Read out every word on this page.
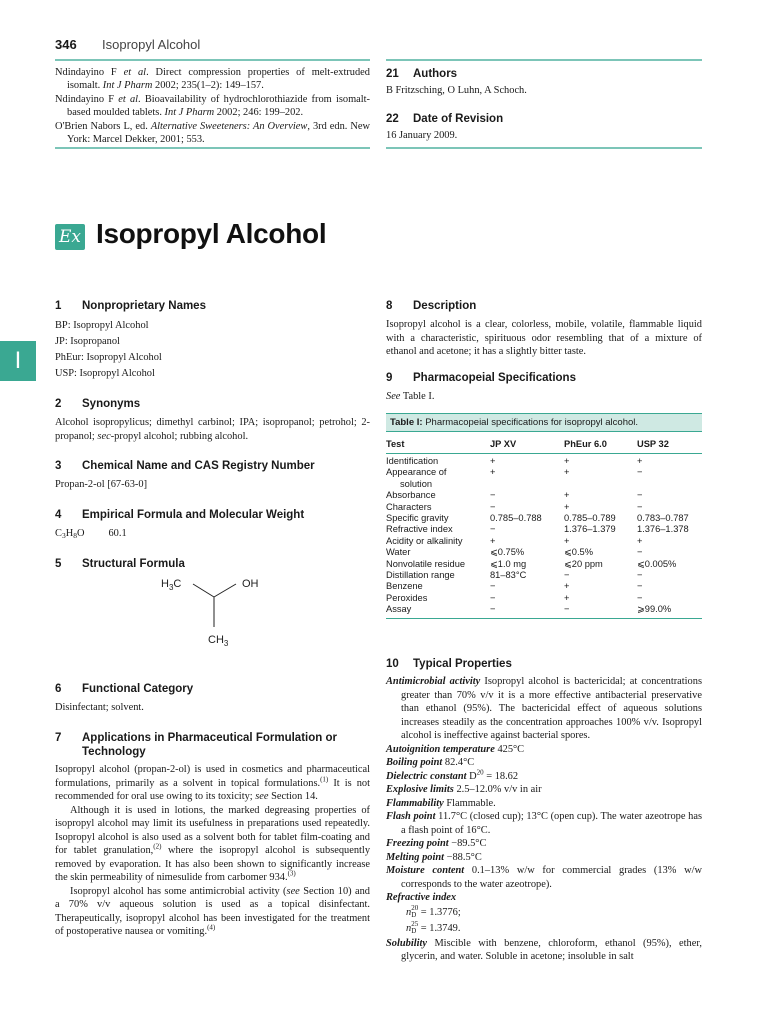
346 Isopropyl Alcohol

Ndindayino F et al. Direct compression properties of melt-extruded isomalt. Int J Pharm 2002; 235(1–2): 149–157.

Ndindayino F et al. Bioavailability of hydrochlorothiazide from isomalt-based moulded tablets. Int J Pharm 2002; 246: 199–202.

O'Brien Nabors L, ed. Alternative Sweeteners: An Overview, 3rd edn. New York: Marcel Dekker, 2001; 553.

21 Authors
B Fritzsching, O Luhn, A Schoch.
22 Date of Revision
16 January 2009.
Ex Isopropyl Alcohol
I
1 Nonproprietary Names
BP: Isopropyl Alcohol
JP: Isopropanol
PhEur: Isopropyl Alcohol
USP: Isopropyl Alcohol
2 Synonyms
Alcohol isopropylicus; dimethyl carbinol; IPA; isopropanol; petrohol; 2-propanol; sec-propyl alcohol; rubbing alcohol.
3 Chemical Name and CAS Registry Number
Propan-2-ol [67-63-0]
4 Empirical Formula and Molecular Weight
C3H8O 60.1
5 Structural Formula
$H_3C$	OH
$CH_3$
6 Functional Category
Disinfectant; solvent.
7 Applications in Pharmaceutical Formulation or
Technology
Isopropyl alcohol (propan-2-ol) is used in cosmetics and pharmaceutical formulations, primarily as a solvent in topical formulations.$^{(1)}$ It is not recommended for oral use owing to its toxicity; see Section 14.
Although it is used in lotions, the marked degreasing properties of isopropyl alcohol may limit its usefulness in preparations used repeatedly. Isopropyl alcohol is also used as a solvent both for tablet film-coating and for tablet granulation,$^{(2)}$ where the isopropyl alcohol is subsequently removed by evaporation. It has also been shown to significantly increase the skin permeability of nimesulide from carbomer 934.$^{(3)}$
Isopropyl alcohol has some antimicrobial activity (see Section 10) and a 70% v/v aqueous solution is used as a topical disinfectant. Therapeutically, isopropyl alcohol has been investigated for the treatment of postoperative nausea or vomiting.$^{(4)}$
8 Description
Isopropyl alcohol is a clear, colorless, mobile, volatile, flammable liquid with a characteristic, spirituous odor resembling that of a mixture of ethanol and acetone; it has a slightly bitter taste.
9 Pharmacopeial Specifications
See Table I.
Table I: Pharmacopeial specifications for isopropyl alcohol.
Test	JP XV	PhEur 6.0	USP 32
Identification	+	+	+
Appearance of	+	+	−
solution			
Absorbance	−	+	−
Characters	−	+	−
Specific gravity	0.785–0.788	0.785–0.789	0.783–0.787
Refractive index	−	1.376–1.379	1.376–1.378
Acidity or alkalinity	+	+	+
Water	⩽0.75%	⩽0.5%	−
Nonvolatile residue	⩽1.0 mg	⩽20 ppm	⩽0.005%
Distillation range	81–83°C	−	−
Benzene	−	+	−
Peroxides	−	+	−
Assay	−	−	⩾99.0%
10 Typical Properties

Antimicrobial activity Isopropyl alcohol is bactericidal; at concentrations greater than 70% v/v it is a more effective antibacterial preservative than ethanol (95%). The bactericidal effect of aqueous solutions increases steadily as the concentration approaches 100% v/v. Isopropyl alcohol is ineffective against bacterial spores.

Autoignition temperature 425°C

Boiling point 82.4°C

Dielectric constant $D^{20} = 18.62$

Explosive limits 2.5–12.0% v/v in air

Flammability Flammable.

Flash point 11.7°C (closed cup); 13°C (open cup). The water azeotrope has a flash point of 16°C.

Freezing point −89.5°C

Melting point −88.5°C

Moisture content 0.1–13% w/w for commercial grades (13% w/w corresponds to the water azeotrope).

Refractive index

n 20
D = 1.3776;

n 25
D = 1.3749.

Solubility Miscible with benzene, chloroform, ethanol (95%), ether, glycerin, and water. Soluble in acetone; insoluble in salt
